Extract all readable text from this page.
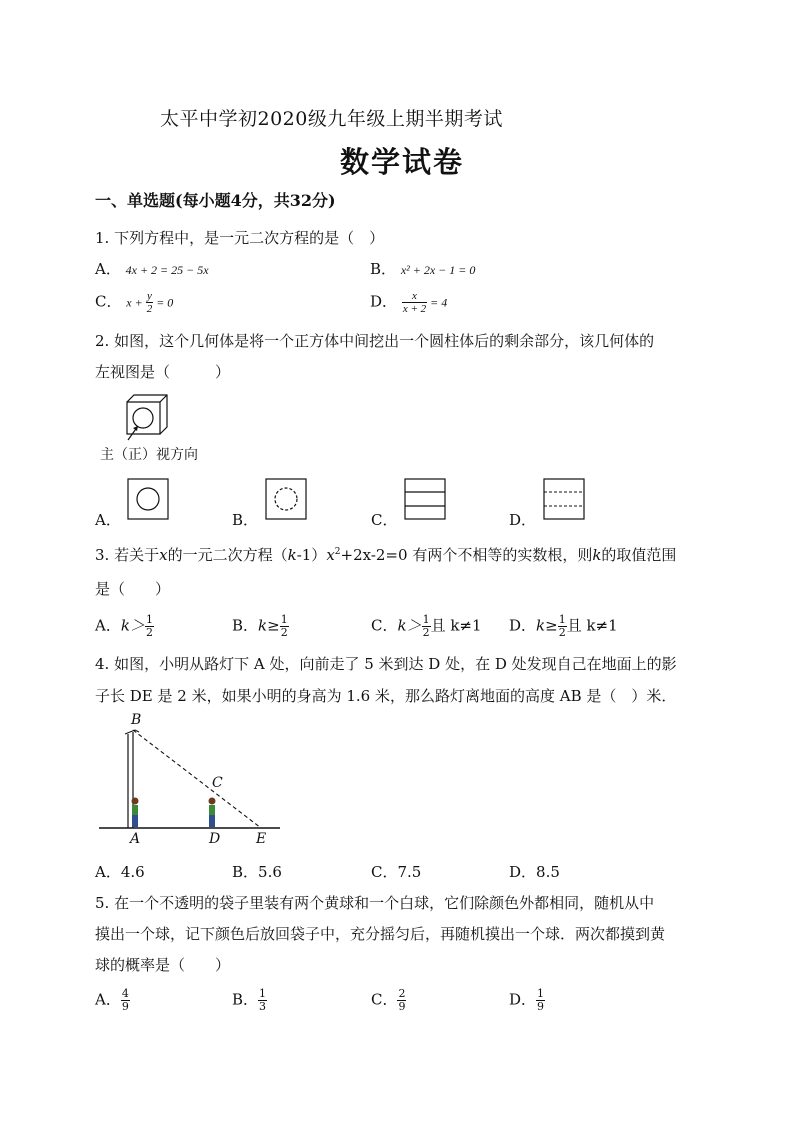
太平中学初2020级九年级上期半期考试
数学试卷
一、单选题(每小题4分，共32分)
1. 下列方程中，是一元二次方程的是（　）
A． 4x + 2 = 25 − 5x	B． x² + 2x − 1 = 0
C． $x + \frac{y}{2} = 0$	D． $\frac{x}{x + 2} = 4$
2. 如图，这个几何体是将一个正方体中间挖出一个圆柱体后的剩余部分，该几何体的
左视图是（　　　）
主（正）视方向
A．	B．	C．	D．
3. 若关于x的一元二次方程$(k-1)x^2+2x-2=0$ 有两个不相等的实数根，则k的取值范围
是（　　）
A．$k> \frac{1}{2}$	B．$k\ge \frac{1}{2}$	C．$k> \frac{1}{2}$ 且 k≠1 D．$k\ge \frac{1}{2}$ 且 k≠1
4. 如图，小明从路灯下 A 处，向前走了 5 米到达 D 处，在 D 处发现自己在地面上的影
子长 DE 是 2 米，如果小明的身高为 1.6 米，那么路灯离地面的高度 AB 是（　）米．
B
C
A	D	E
A．4.6	B．5.6	C．7.5	D．8.5
5. 在一个不透明的袋子里装有两个黄球和一个白球，它们除颜色外都相同，随机从中
摸出一个球，记下颜色后放回袋子中，充分摇匀后，再随机摸出一个球．两次都摸到黄
球的概率是（　　）
A． $\frac{4}{9}$	B． $\frac{1}{3}$	C． $\frac{2}{9}$	D． $\frac{1}{9}$
